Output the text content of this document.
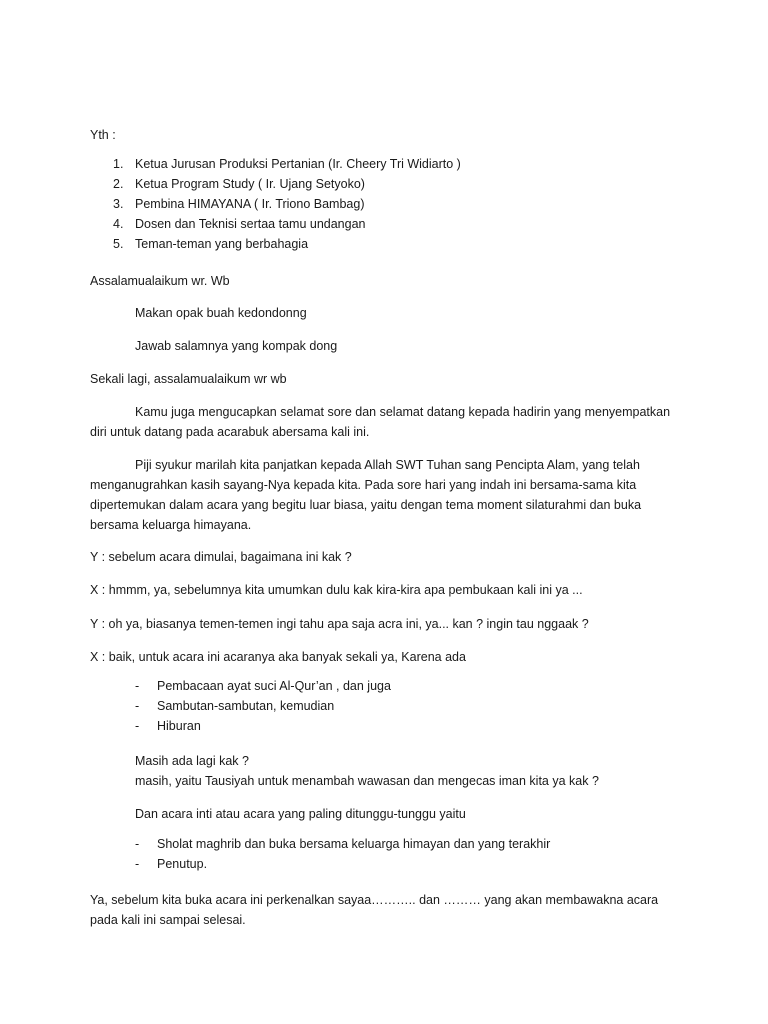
Yth :

1. Ketua Jurusan Produksi Pertanian (Ir. Cheery Tri Widiarto )
2. Ketua Program Study ( Ir. Ujang Setyoko)
3. Pembina HIMAYANA ( Ir. Triono Bambag)
4. Dosen dan Teknisi sertaa tamu undangan
5. Teman-teman yang berbahagia

Assalamualaikum wr. Wb

Makan opak buah kedondonng

Jawab salamnya yang kompak dong

Sekali lagi, assalamualaikum wr wb

Kamu juga mengucapkan selamat sore dan selamat datang kepada hadirin yang menyempatkan diri untuk datang pada acarabuk abersama kali ini.

Piji syukur marilah kita panjatkan kepada Allah SWT Tuhan sang Pencipta Alam, yang telah menganugrahkan kasih sayang-Nya kepada kita. Pada sore hari yang indah ini bersama-sama kita dipertemukan dalam acara yang begitu luar biasa, yaitu dengan tema moment silaturahmi dan buka bersama keluarga himayana.

Y : sebelum acara dimulai, bagaimana ini kak ?

X : hmmm, ya, sebelumnya kita umumkan dulu kak kira-kira apa pembukaan kali ini ya ...

Y : oh ya, biasanya temen-temen ingi tahu apa saja acra ini, ya... kan ? ingin tau nggaak ?

X : baik, untuk acara ini acaranya aka banyak sekali ya, Karena ada

- Pembacaan ayat suci Al-Qur’an , dan juga
- Sambutan-sambutan, kemudian
- Hiburan

Masih ada lagi kak ?

masih, yaitu Tausiyah untuk menambah wawasan dan mengecas iman kita ya kak ?

Dan acara inti atau acara yang paling ditunggu-tunggu yaitu

- Sholat maghrib dan buka bersama keluarga himayan dan yang terakhir
- Penutup.

Ya, sebelum kita buka acara ini perkenalkan sayaa……….. dan ……… yang akan membawakna acara pada kali ini sampai selesai.
